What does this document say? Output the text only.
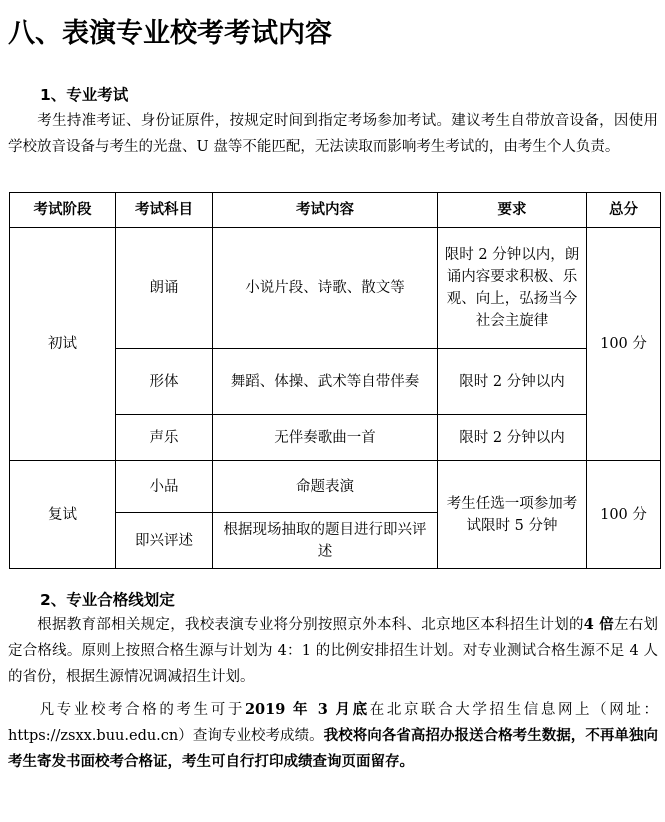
八、表演专业校考考试内容
1、专业考试

考生持准考证、身份证原件，按规定时间到指定考场参加考试。建议考生自带放音设备，因使用学校放音设备与考生的光盘、U 盘等不能匹配，无法读取而影响考生考试的，由考生个人负责。

考试阶段	考试科目	考试内容	要求	总分
初试	朗诵	小说片段、诗歌、散文等	限时 2 分钟以内，朗诵内容要求积极、乐观、向上，弘扬当今社会主旋律	100 分
	形体	舞蹈、体操、武术等自带伴奏	限时 2 分钟以内	
	声乐	无伴奏歌曲一首	限时 2 分钟以内	
复试	小品	命题表演	考生任选一项参加考试限时 5 分钟	100 分
	即兴评述	根据现场抽取的题目进行即兴评述		
2、专业合格线划定

根据教育部相关规定，我校表演专业将分别按照京外本科、北京地区本科招生计划的4 倍左右划定合格线。原则上按照合格生源与计划为 4：1 的比例安排招生计划。对专业测试合格生源不足 4 人的省份，根据生源情况调减招生计划。

凡专业校考合格的考生可于2019 年 3 月底在北京联合大学招生信息网上（网址：https://zsxx.buu.edu.cn）查询专业校考成绩。我校将向各省高招办报送合格考生数据，不再单独向考生寄发书面校考合格证，考生可自行打印成绩查询页面留存。
